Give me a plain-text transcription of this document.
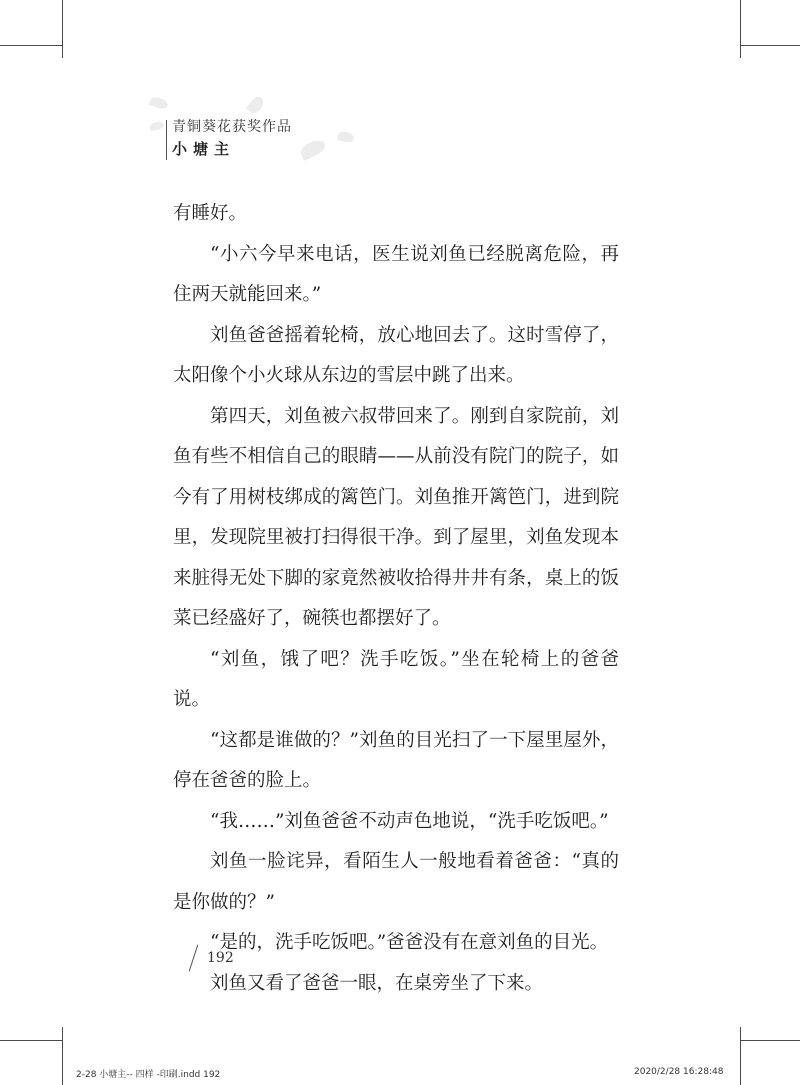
青铜葵花获奖作品
小塘主

有睡好。

“小六今早来电话，医生说刘鱼已经脱离危险，再住两天就能回来。”

刘鱼爸爸摇着轮椅，放心地回去了。这时雪停了，太阳像个小火球从东边的雪层中跳了出来。

第四天，刘鱼被六叔带回来了。刚到自家院前，刘鱼有些不相信自己的眼睛——从前没有院门的院子，如今有了用树枝绑成的篱笆门。刘鱼推开篱笆门，进到院里，发现院里被打扫得很干净。到了屋里，刘鱼发现本来脏得无处下脚的家竟然被收拾得井井有条，桌上的饭菜已经盛好了，碗筷也都摆好了。

“刘鱼，饿了吧？洗手吃饭。”坐在轮椅上的爸爸说。

“这都是谁做的？”刘鱼的目光扫了一下屋里屋外，停在爸爸的脸上。

“我……”刘鱼爸爸不动声色地说，“洗手吃饭吧。”

刘鱼一脸诧异，看陌生人一般地看着爸爸：“真的是你做的？”

“是的，洗手吃饭吧。”爸爸没有在意刘鱼的目光。

刘鱼又看了爸爸一眼，在桌旁坐了下来。

192
2-28 小塘主-- 四样 -印刷.indd 192	2020/2/28 16:28:48
